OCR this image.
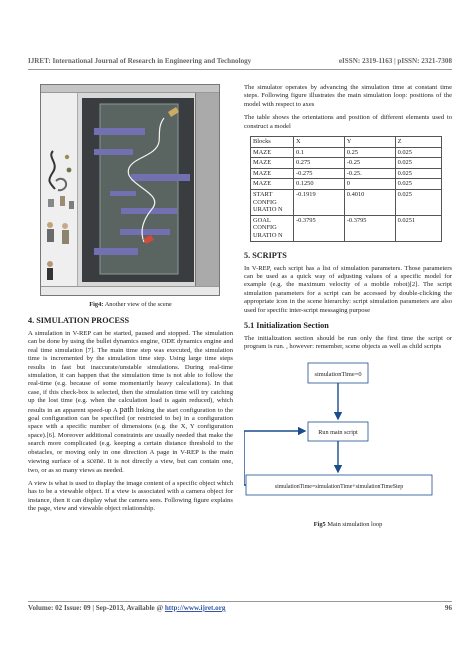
IJRET: International Journal of Research in Engineering and Technology	eISSN: 2319-1163 | pISSN: 2321-7308
Fig4: Another view of the scene
4. SIMULATION PROCESS

A simulation in V-REP can be started, paused and stopped. The simulation can be done by using the bullet dynamics engine, ODE dynamics engine and real time simulation [7]. The main time step was executed, the simulation time is incremented by the simulation time step. Using large time steps results in fast but inaccurate/unstable simulations. During real-time simulation, it can happen that the simulation time is not able to follow the real-time (e.g. because of some momentarily heavy calculations). In that case, if this check-box is selected, then the simulation time will try catching up the lost time (e.g. when the calculation load is again reduced), which results in an apparent speed-up A path linking the start configuration to the goal configuration can be specified (or restricted to be) in a configuration space with a specific number of dimensions (e.g. the X, Y configuration space).[6]. Moreover additional constraints are usually needed that make the search more complicated (e.g. keeping a certain distance threshold to the obstacles, or moving only in one direction A page in V-REP is the main viewing surface of a scene. It is not directly a view, but can contain one, two, or as so many views as needed.

A view is what is used to display the image content of a specific object which has to be a viewable object. If a view is associated with a camera object for instance, then it can display what the camera sees. Following figure explains the page, view and viewable object relationship.

The simulator operates by advancing the simulation time at constant time steps. Following figure illustrates the main simulation loop: positions of the model with respect to axes

The table shows the orientations and position of different elements used to construct a model

Blocks	X	Y	Z
MAZE	0.1	0.25	0.025
MAZE	0.275	-0.25	0.025
MAZE	-0.275	-0.25.	0.025
MAZE	0.1250	0	0.025
START CONFIG URATIO N	-0.1919	0.4010	0.025
GOAL CONFIG URATIO N	-0.3795	-0.3795	0.0251
5. SCRIPTS

In V-REP, each script has a list of simulation parameters. Those parameters can be used as a quick way of adjusting values of a specific model for example (e.g. the maximum velocity of a mobile robot)[2]. The script simulation parameters for a script can be accessed by double-clicking the appropriate icon in the scene hierarchy: script simulation parameters are also used for specific inter-script messaging purpose

5.1 Initialization Section

The initialization section should be run only the first time the script or program is run. , however: remember, scene objects as well as child scripts

simulationTime=0
Run main script
simulationTime=simulationTime+simulationTimeStep
Fig5 Main simulation loop
Volume: 02 Issue: 09 | Sep-2013, Available @ http://www.ijret.org	96
